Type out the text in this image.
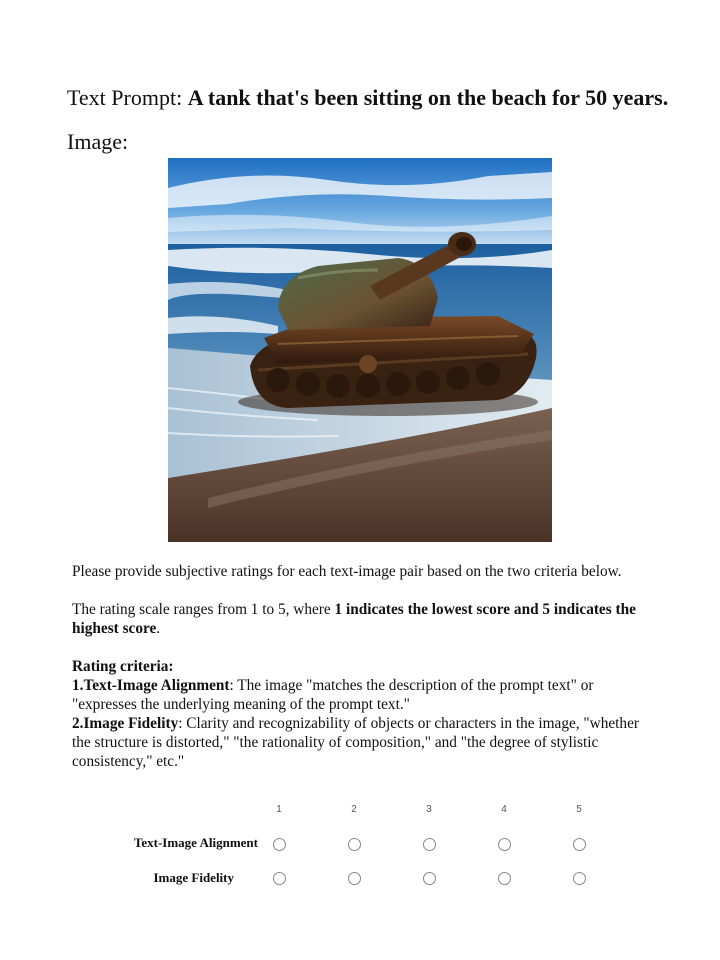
Text Prompt: A tank that's been sitting on the beach for 50 years.
Image:

Please provide subjective ratings for each text-image pair based on the two criteria below.

The rating scale ranges from 1 to 5, where 1 indicates the lowest score and 5 indicates the highest score.

Rating criteria:

1.Text-Image Alignment: The image "matches the description of the prompt text" or "expresses the underlying meaning of the prompt text."

2.Image Fidelity: Clarity and recognizability of objects or characters in the image, "whether the structure is distorted," "the rationality of composition," and "the degree of stylistic consistency," etc."

1	2	3	4	5
Text-Image Alignment
Image Fidelity
